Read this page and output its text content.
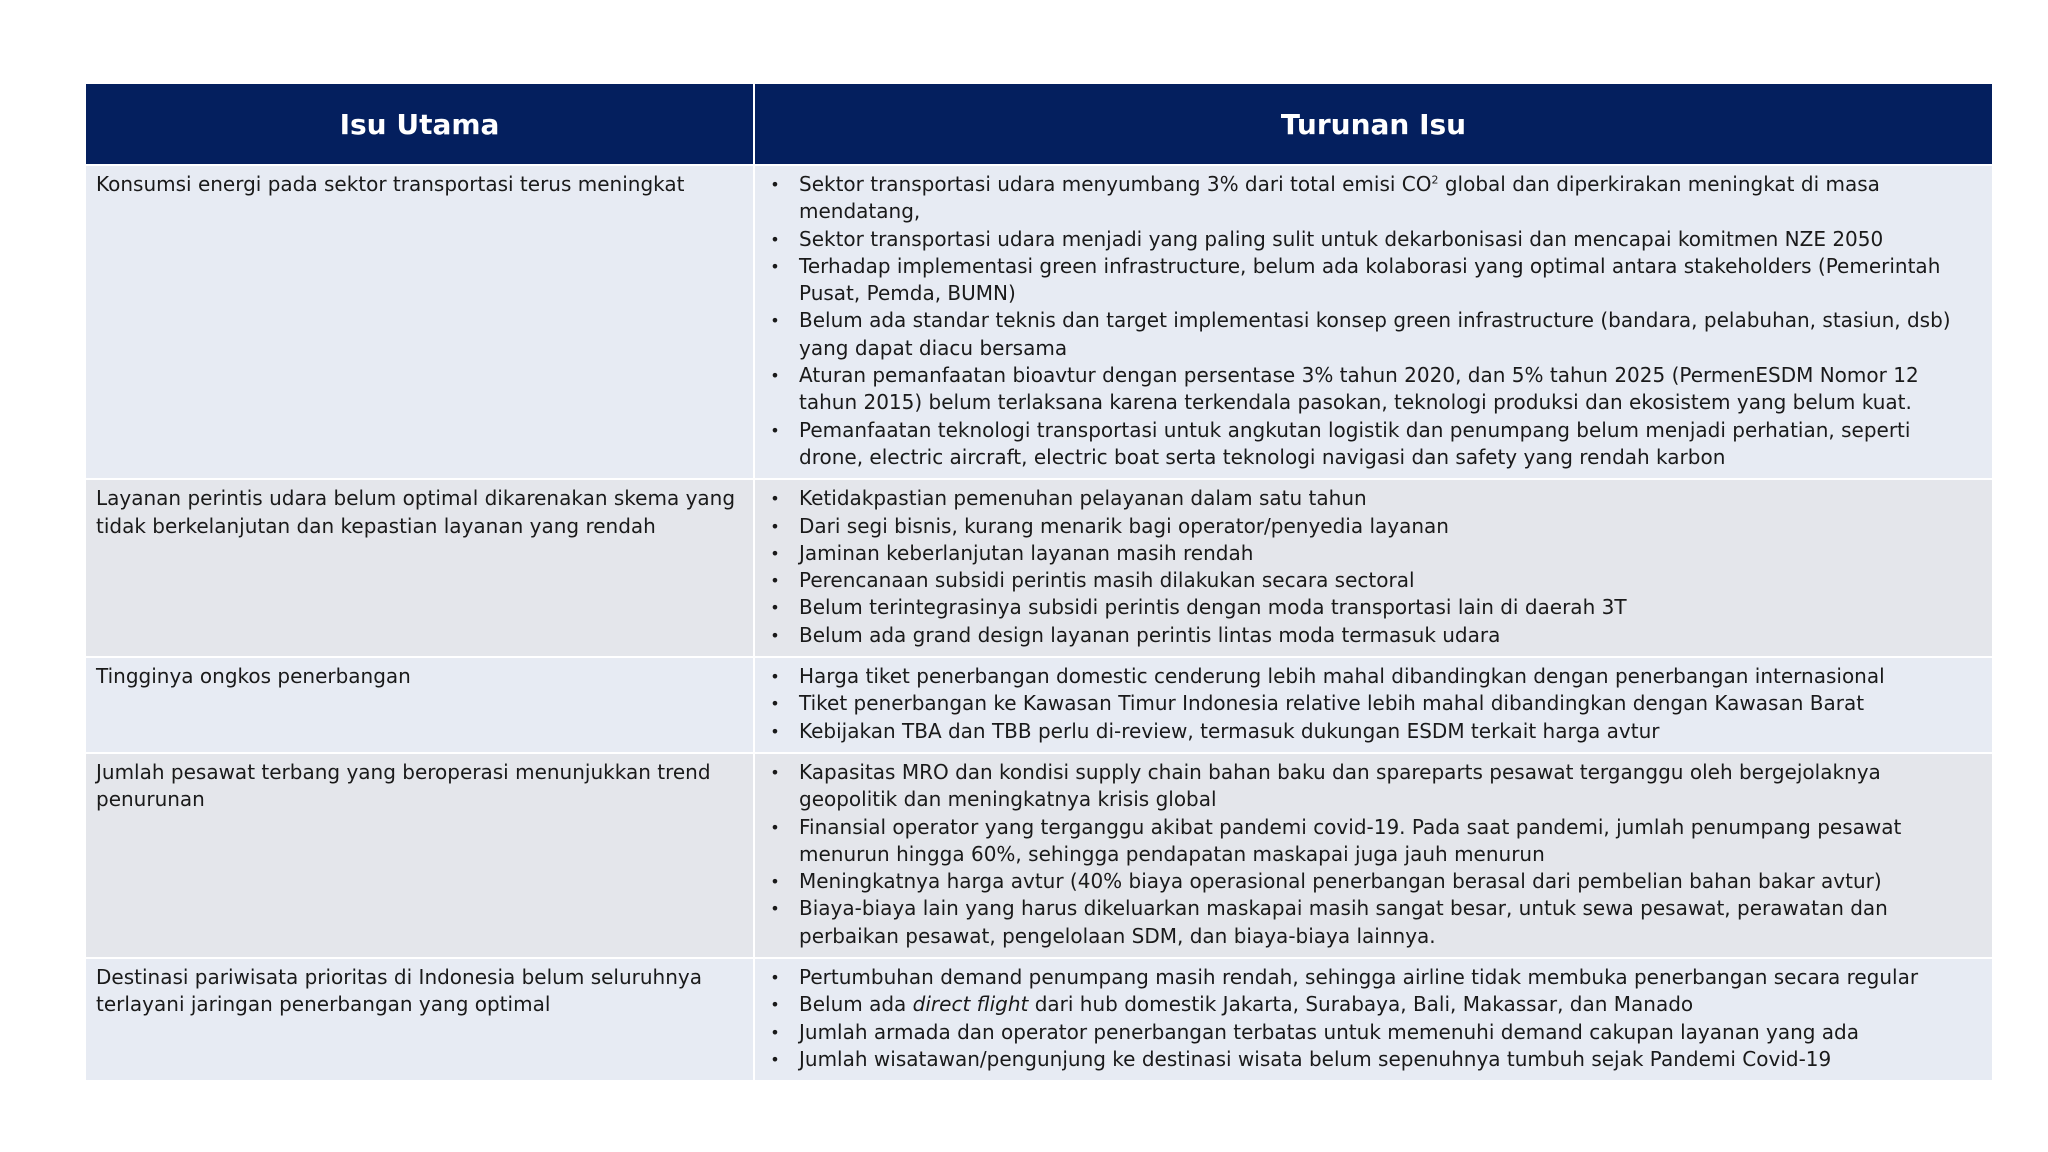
Isu Utama	Turunan Isu
Konsumsi energi pada sektor transportasi terus meningkat	• Sektor transportasi udara menyumbang 3% dari total emisi $CO^2$ global dan diperkirakan meningkat di masa mendatang,
• Sektor transportasi udara menjadi yang paling sulit untuk dekarbonisasi dan mencapai komitmen NZE 2050
• Terhadap implementasi green infrastructure, belum ada kolaborasi yang optimal antara stakeholders (Pemerintah Pusat, Pemda, BUMN)
• Belum ada standar teknis dan target implementasi konsep green infrastructure (bandara, pelabuhan, stasiun, dsb) yang dapat diacu bersama
• Aturan pemanfaatan bioavtur dengan persentase 3% tahun 2020, dan 5% tahun 2025 (PermenESDM Nomor 12 tahun 2015) belum terlaksana karena terkendala pasokan, teknologi produksi dan ekosistem yang belum kuat.
• Pemanfaatan teknologi transportasi untuk angkutan logistik dan penumpang belum menjadi perhatian, seperti drone, electric aircraft, electric boat serta teknologi navigasi dan safety yang rendah karbon
Layanan perintis udara belum optimal dikarenakan skema yang tidak berkelanjutan dan kepastian layanan yang rendah
• Ketidakpastian pemenuhan pelayanan dalam satu tahun
• Dari segi bisnis, kurang menarik bagi operator/penyedia layanan
• Jaminan keberlanjutan layanan masih rendah
• Perencanaan subsidi perintis masih dilakukan secara sectoral
• Belum terintegrasinya subsidi perintis dengan moda transportasi lain di daerah 3T
• Belum ada grand design layanan perintis lintas moda termasuk udara
Tingginya ongkos penerbangan	• Harga tiket penerbangan domestic cenderung lebih mahal dibandingkan dengan penerbangan internasional
• Tiket penerbangan ke Kawasan Timur Indonesia relative lebih mahal dibandingkan dengan Kawasan Barat
• Kebijakan TBA dan TBB perlu di-review, termasuk dukungan ESDM terkait harga avtur
Jumlah pesawat terbang yang beroperasi menunjukkan trend penurunan
• Kapasitas MRO dan kondisi supply chain bahan baku dan spareparts pesawat terganggu oleh bergejolaknya geopolitik dan meningkatnya krisis global
• Finansial operator yang terganggu akibat pandemi covid-19. Pada saat pandemi, jumlah penumpang pesawat menurun hingga 60%, sehingga pendapatan maskapai juga jauh menurun
• Meningkatnya harga avtur (40% biaya operasional penerbangan berasal dari pembelian bahan bakar avtur)
• Biaya-biaya lain yang harus dikeluarkan maskapai masih sangat besar, untuk sewa pesawat, perawatan dan perbaikan pesawat, pengelolaan SDM, dan biaya-biaya lainnya.
Destinasi pariwisata prioritas di Indonesia belum seluruhnya terlayani jaringan penerbangan yang optimal
• Pertumbuhan demand penumpang masih rendah, sehingga airline tidak membuka penerbangan secara regular
• Belum ada direct flight dari hub domestik Jakarta, Surabaya, Bali, Makassar, dan Manado
• Jumlah armada dan operator penerbangan terbatas untuk memenuhi demand cakupan layanan yang ada
• Jumlah wisatawan/pengunjung ke destinasi wisata belum sepenuhnya tumbuh sejak Pandemi Covid-19
